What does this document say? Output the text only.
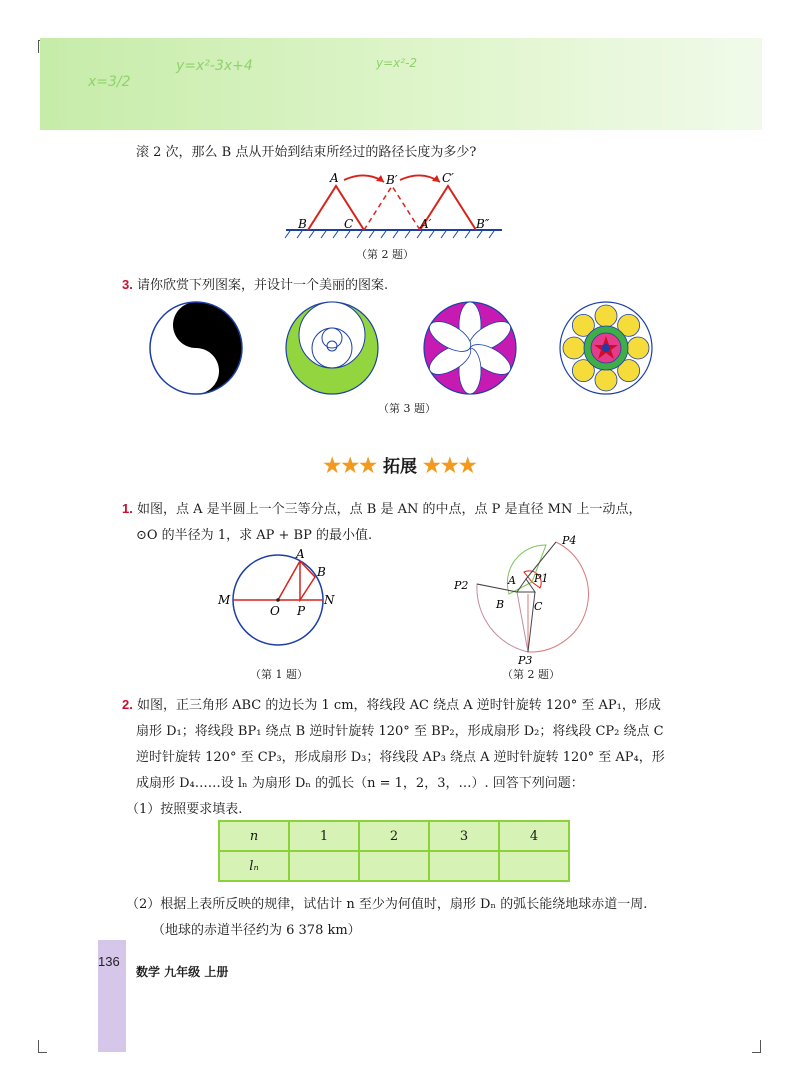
x=3/2
y=x²-3x+4	y=x²-2
滚 2 次，那么 B 点从开始到结束所经过的路径长度为多少?
A	B′	C′
B	C	A′	B″
（第 2 题）
3. 请你欣赏下列图案，并设计一个美丽的图案.
（第 3 题）
★★★ 拓展 ★★★
1. 如图，点 A 是半圆上一个三等分点，点 B 是 AN 的中点，点 P 是直径 MN 上一动点，
⊙O 的半径为 1，求 AP + BP 的最小值.
A
B
M
O P
N
（第 1 题）
P4
P2	A P1
B	C
P3
（第 2 题）
2. 如图，正三角形 ABC 的边长为 1 cm，将线段 AC 绕点 A 逆时针旋转 120° 至 AP₁，形成
扇形 D₁；将线段 BP₁ 绕点 B 逆时针旋转 120° 至 BP₂，形成扇形 D₂；将线段 CP₂ 绕点 C
逆时针旋转 120° 至 CP₃，形成扇形 D₃；将线段 AP₃ 绕点 A 逆时针旋转 120° 至 AP₄，形
成扇形 D₄……设 lₙ 为扇形 Dₙ 的弧长（n = 1，2，3，…）. 回答下列问题：
（1）按照要求填表.
n	1	2	3	4
lₙ				
（2）根据上表所反映的规律，试估计 n 至少为何值时，扇形 Dₙ 的弧长能绕地球赤道一周.
（地球的赤道半径约为 6 378 km）
136
数学 九年级 上册
